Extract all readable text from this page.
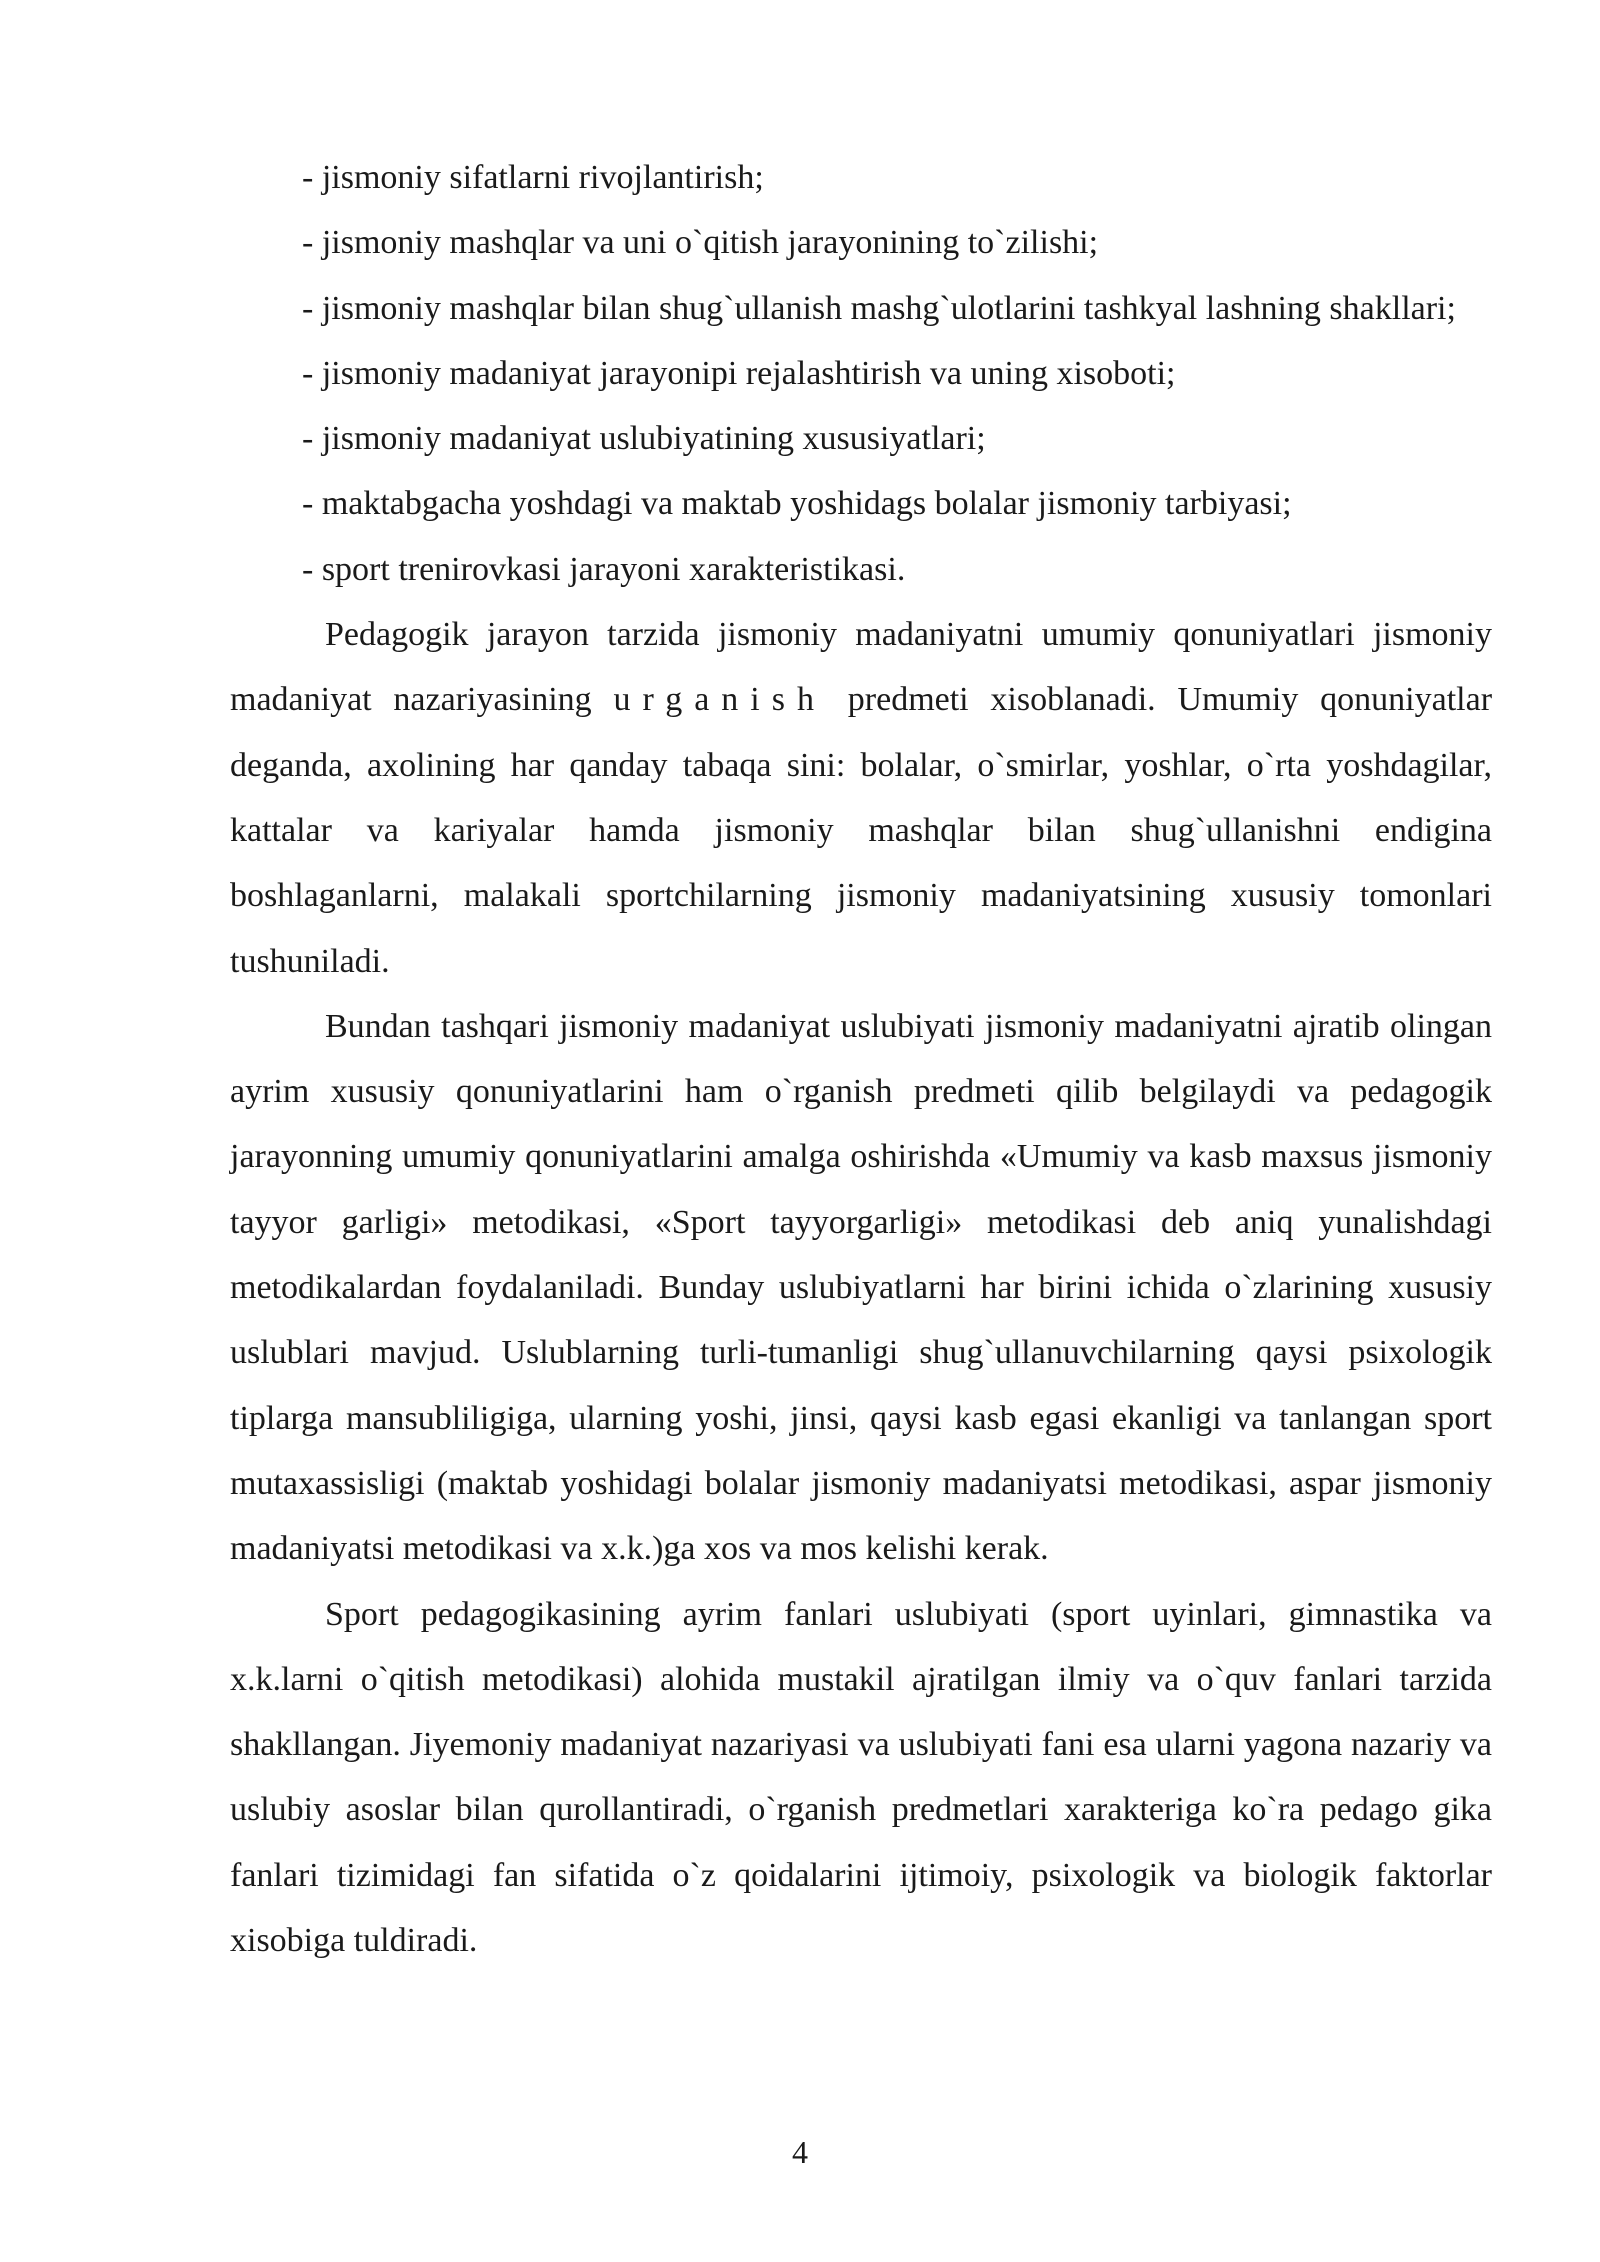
- jismoniy sifatlarni rivojlantirish;

- jismoniy mashqlar va uni o`qitish jarayonining to`zilishi;

- jismoniy mashqlar bilan shug`ullanish mashg`ulotlarini tashkyal lashning shakllari;

- jismoniy madaniyat jarayonipi rejalashtirish va uning xisoboti;

- jismoniy madaniyat uslubiyatining xususiyatlari;

- maktabgacha yoshdagi va maktab yoshidags bolalar jismoniy tarbiyasi;

- sport trenirovkasi jarayoni xarakteristikasi.

Pedagogik jarayon tarzida jismoniy madaniyatni umumiy qonuniyatlari jismoniy madaniyat nazariyasining urganish predmeti xisoblanadi. Umumiy qonuniyatlar deganda, axolining har qanday tabaqa sini: bolalar, o`smirlar, yoshlar, o`rta yoshdagilar, kattalar va kariyalar hamda jismoniy mashqlar bilan shug`ullanishni endigina boshlaganlarni, malakali sportchilarning jismoniy madaniyatsining xususiy tomonlari tushuniladi.

Bundan tashqari jismoniy madaniyat uslubiyati jismoniy madaniyatni ajratib olingan ayrim xususiy qonuniyatlarini ham o`rganish predmeti qilib belgilaydi va pedagogik jarayonning umumiy qonuniyatlarini amalga oshirishda «Umumiy va kasb maxsus jismoniy tayyor garligi» metodikasi, «Sport tayyorgarligi» metodikasi deb aniq yunalishdagi metodikalardan foydalaniladi. Bunday uslubiyatlarni har birini ichida o`zlarining xususiy uslublari mavjud. Uslublarning turli-tumanligi shug`ullanuvchilarning qaysi psixologik tiplarga mansubliligiga, ularning yoshi, jinsi, qaysi kasb egasi ekanligi va tanlangan sport mutaxassisligi (maktab yoshidagi bolalar jismoniy madaniyatsi metodikasi, aspar jismoniy madaniyatsi metodikasi va x.k.)ga xos va mos kelishi kerak.

Sport pedagogikasining ayrim fanlari uslubiyati (sport uyinlari, gimnastika va x.k.larni o`qitish metodikasi) alohida mustakil ajratilgan ilmiy va o`quv fanlari tarzida shakllangan. Jiyemoniy madaniyat nazariyasi va uslubiyati fani esa ularni yagona nazariy va uslubiy asoslar bilan qurollantiradi, o`rganish predmetlari xarakteriga ko`ra pedago gika fanlari tizimidagi fan sifatida o`z qoidalarini ijtimoiy, psixologik va biologik faktorlar xisobiga tuldiradi.

4
